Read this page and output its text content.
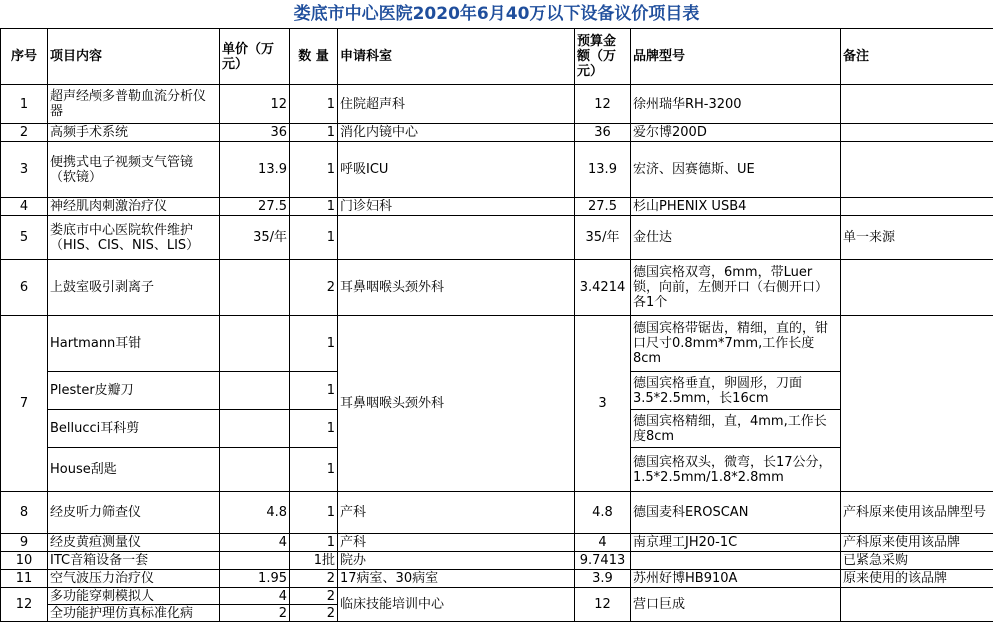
娄底市中心医院2020年6月40万以下设备议价项目表
序号	项目内容	单价（万元）	数 量	申请科室	预算金额（万元）	品牌型号	备注
1	超声经颅多普勒血流分析仪器	12	1	住院超声科	12	徐州瑞华RH-3200	
2	高频手术系统	36	1	消化内镜中心	36	爱尔博200D	
3	便携式电子视频支气管镜（软镜）	13.9	1	呼吸ICU	13.9	宏济、因赛德斯、UE	
4	神经肌肉刺激治疗仪	27.5	1	门诊妇科	27.5	杉山PHENIX USB4	
5	娄底市中心医院软件维护（HIS、CIS、NIS、LIS）	35/年	1		35/年	金仕达	单一来源
6	上鼓室吸引剥离子		2	耳鼻咽喉头颈外科	3.4214	德国宾格双弯，6mm，带Luer锁，向前，左侧开口（右侧开口）各1个	
7	Hartmann耳钳		1	耳鼻咽喉头颈外科	3	德国宾格带锯齿，精细，直的，钳口尺寸0.8mm*7mm,工作长度8cm	
	Plester皮瓣刀		1			德国宾格垂直，卵圆形，刀面3.5*2.5mm，长16cm	
	Bellucci耳科剪		1			德国宾格精细，直，4mm,工作长度8cm	
	House刮匙		1			德国宾格双头，微弯，长17公分，1.5*2.5mm/1.8*2.8mm	
8	经皮听力筛查仪	4.8	1	产科	4.8	德国麦科EROSCAN	产科原来使用该品牌型号
9	经皮黄疸测量仪	4	1	产科	4	南京理工JH20-1C	产科原来使用该品牌
10	ITC音箱设备一套		1批	院办	9.7413		已紧急采购
11	空气波压力治疗仪	1.95	2	17病室、30病室	3.9	苏州好博HB910A	原来使用的该品牌
12	多功能穿刺模拟人	4	2	临床技能培训中心	12	营口巨成	
	全功能护理仿真标准化病	2	2				
